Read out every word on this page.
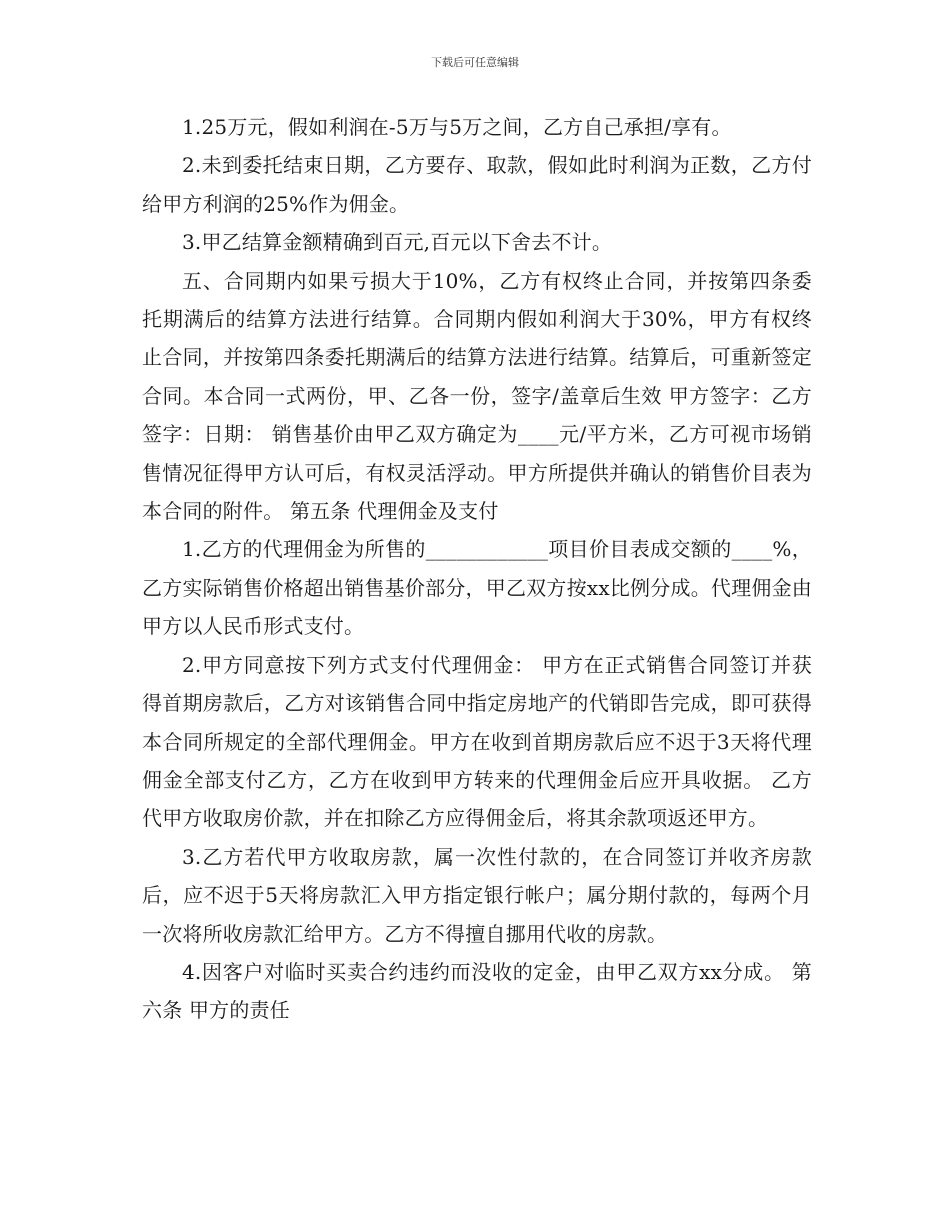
下载后可任意编辑

1.25万元，假如利润在-5万与5万之间，乙方自己承担/享有。

2.未到委托结束日期，乙方要存、取款，假如此时利润为正数，乙方付给甲方利润的25%作为佣金。

3.甲乙结算金额精确到百元,百元以下舍去不计。

五、合同期内如果亏损大于10%，乙方有权终止合同，并按第四条委托期满后的结算方法进行结算。合同期内假如利润大于30%，甲方有权终止合同，并按第四条委托期满后的结算方法进行结算。结算后，可重新签定合同。本合同一式两份，甲、乙各一份，签字/盖章后生效 甲方签字：乙方签字：日期： 销售基价由甲乙双方确定为____元/平方米，乙方可视市场销售情况征得甲方认可后，有权灵活浮动。甲方所提供并确认的销售价目表为本合同的附件。 第五条 代理佣金及支付

1.乙方的代理佣金为所售的____________项目价目表成交额的____%，乙方实际销售价格超出销售基价部分，甲乙双方按xx比例分成。代理佣金由甲方以人民币形式支付。

2.甲方同意按下列方式支付代理佣金： 甲方在正式销售合同签订并获得首期房款后，乙方对该销售合同中指定房地产的代销即告完成，即可获得本合同所规定的全部代理佣金。甲方在收到首期房款后应不迟于3天将代理佣金全部支付乙方，乙方在收到甲方转来的代理佣金后应开具收据。 乙方代甲方收取房价款，并在扣除乙方应得佣金后，将其余款项返还甲方。

3.乙方若代甲方收取房款，属一次性付款的，在合同签订并收齐房款后，应不迟于5天将房款汇入甲方指定银行帐户；属分期付款的，每两个月一次将所收房款汇给甲方。乙方不得擅自挪用代收的房款。

4.因客户对临时买卖合约违约而没收的定金，由甲乙双方xx分成。 第六条 甲方的责任
